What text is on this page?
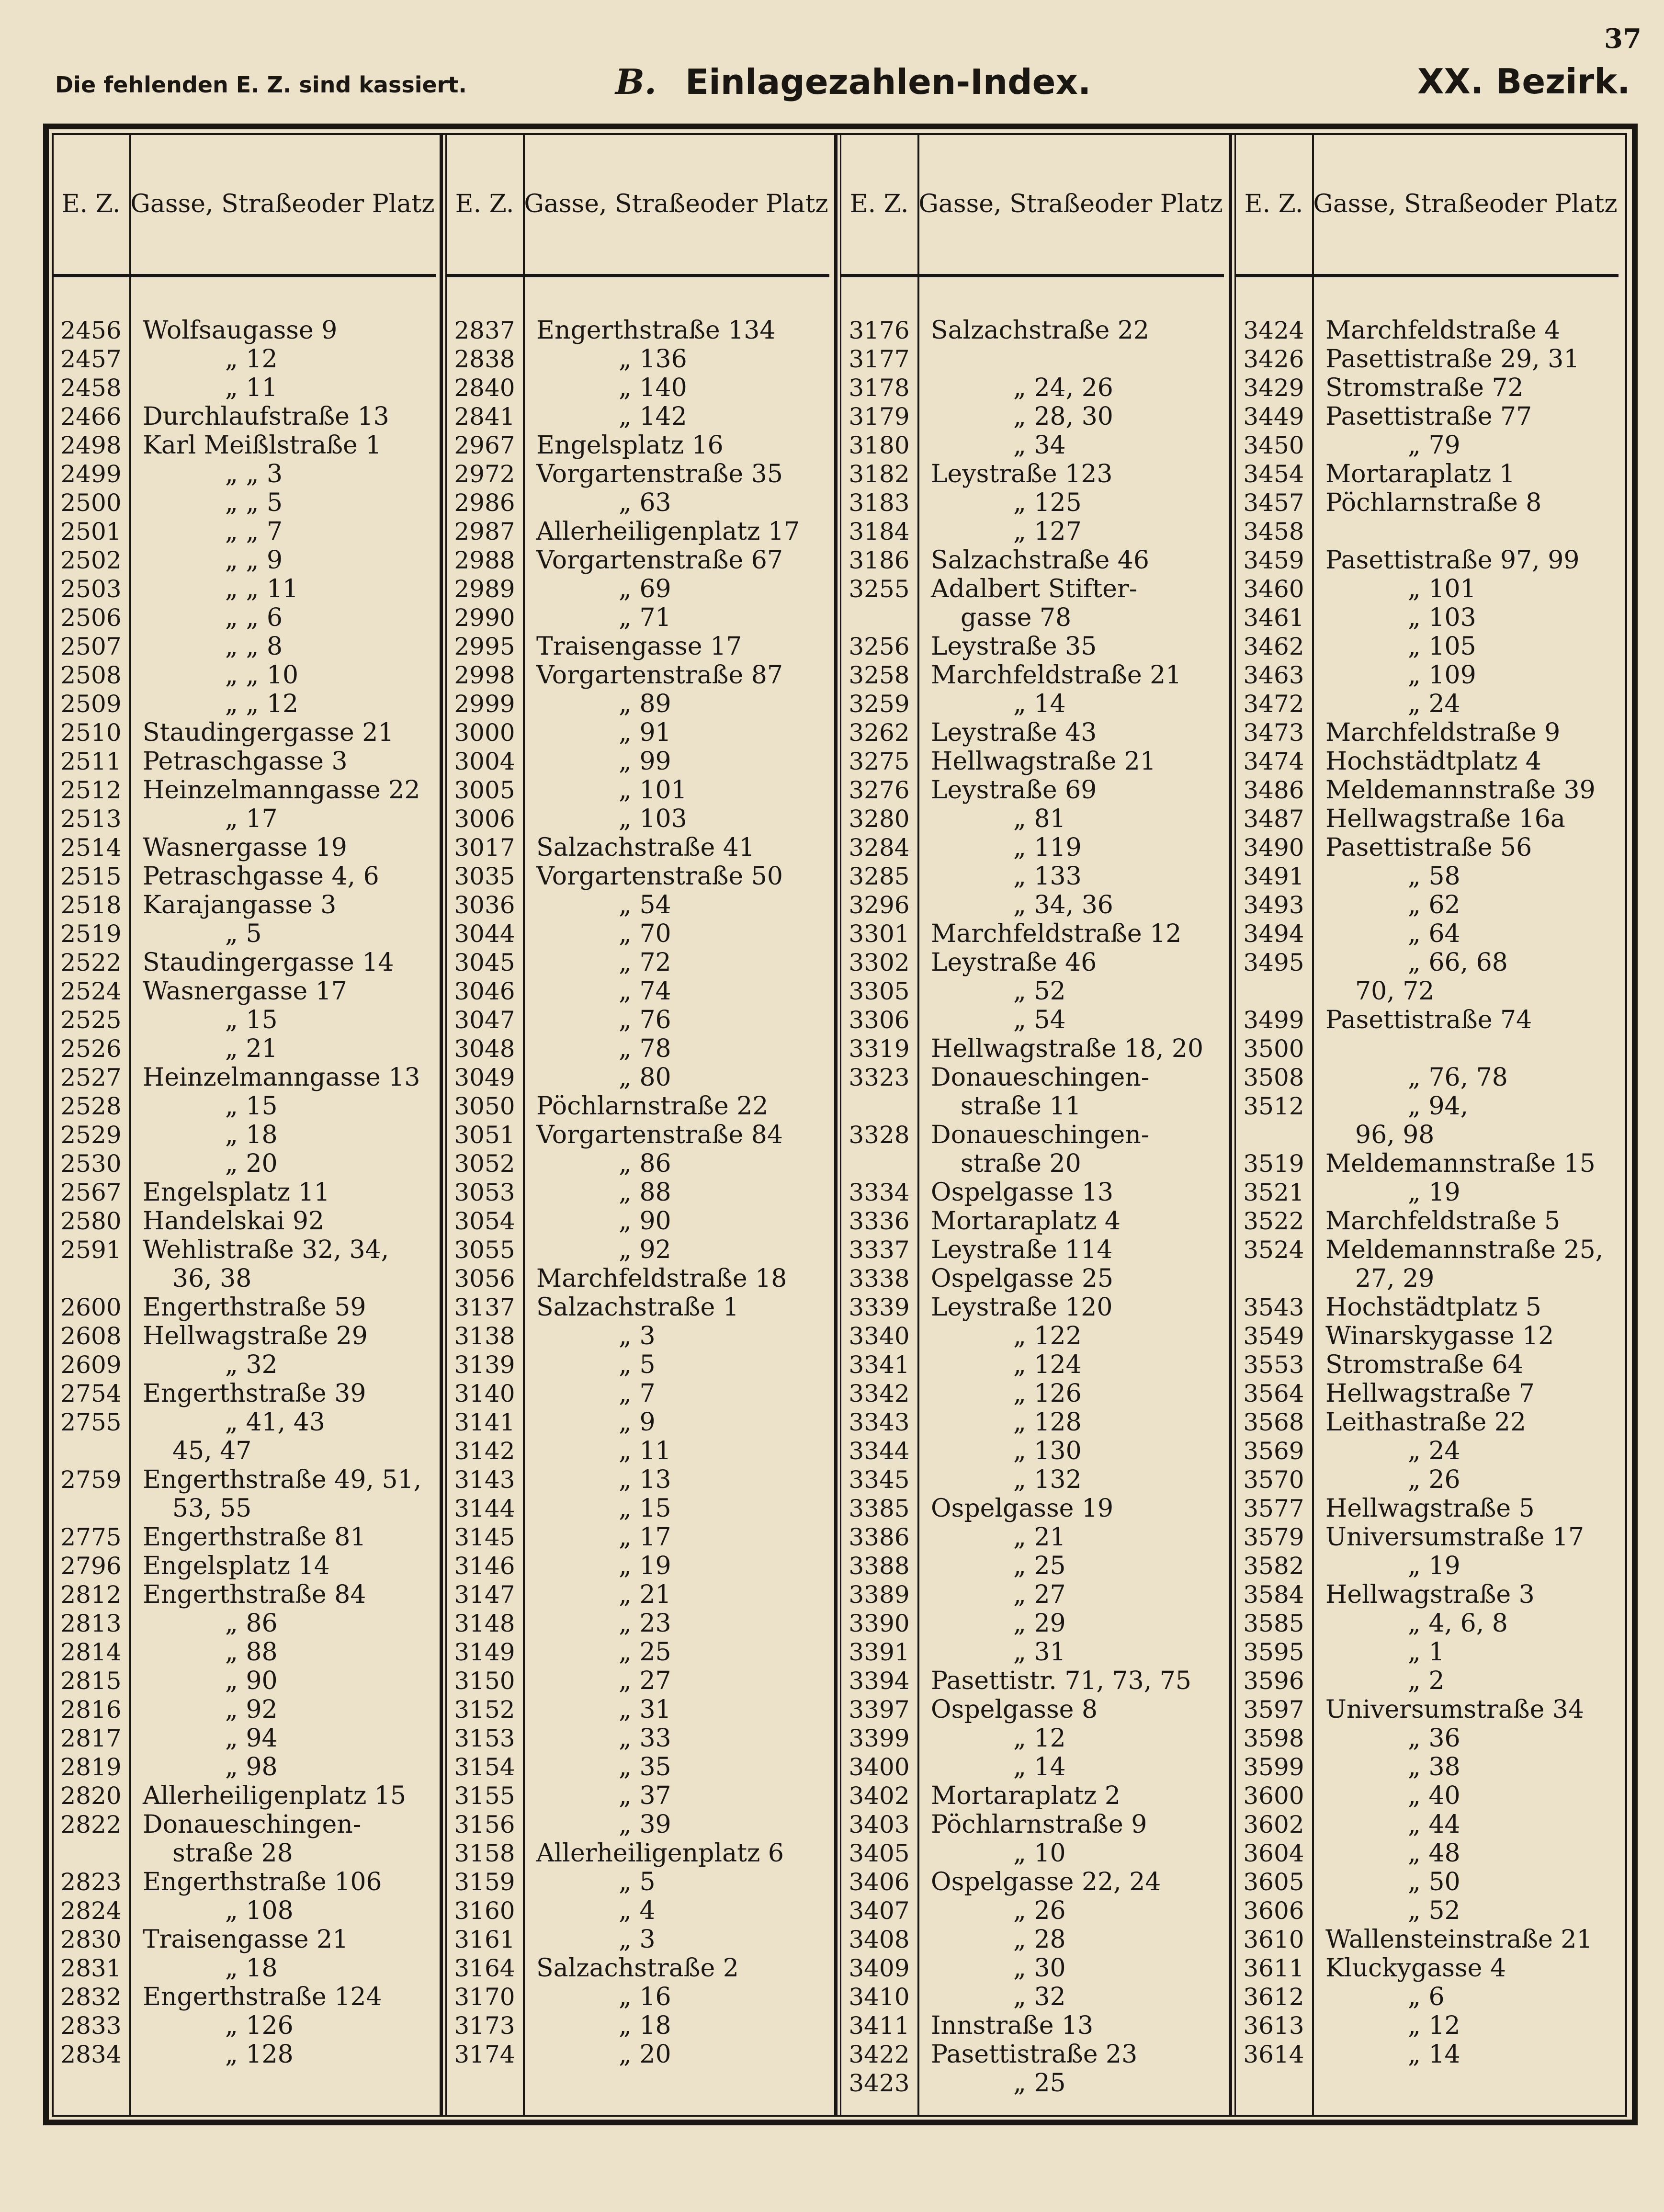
37
Die fehlenden E. Z. sind kassiert.	B. Einlagezahlen-Index.	XX. Bezirk.
E. Z. Gasse, Straße oder Platz
2456 Wolfsaugasse 9
2457	„ 12
2458	„ 11
2466 Durchlaufstraße 13
2498 Karl Meißlstraße 1
2499	„ „ 3
2500	„ „ 5
2501	„ „ 7
2502	„ „ 9
2503	„ „ 11
2506	„ „ 6
2507	„ „ 8
2508	„ „ 10
2509	„ „ 12
2510 Staudingergasse 21
2511 Petraschgasse 3
2512 Heinzelmanngasse 22
2513	„ 17
2514 Wasnergasse 19
2515 Petraschgasse 4, 6
2518 Karajangasse 3
2519	„ 5
2522 Staudingergasse 14
2524 Wasnergasse 17
2525	„ 15
2526	„ 21
2527 Heinzelmanngasse 13
2528	„ 15
2529	„ 18
2530	„ 20
2567 Engelsplatz 11
2580 Handelskai 92
2591 Wehlistraße 32, 34,
36, 38
2600 Engerthstraße 59
2608 Hellwagstraße 29
2609	„ 32
2754 Engerthstraße 39
2755	„ 41, 43
45, 47
2759 Engerthstraße 49, 51,
53, 55
2775 Engerthstraße 81
2796 Engelsplatz 14
2812 Engerthstraße 84
2813	„ 86
2814	„ 88
2815	„ 90
2816	„ 92
2817	„ 94
2819	„ 98
2820 Allerheiligenplatz 15
2822 Donaueschingen-
straße 28
2823 Engerthstraße 106
2824	„ 108
2830 Traisengasse 21
2831	„ 18
2832 Engerthstraße 124
2833	„ 126
2834	„ 128
E. Z. Gasse, Straße oder Platz
2837 Engerthstraße 134
2838	„ 136
2840	„ 140
2841	„ 142
2967 Engelsplatz 16
2972 Vorgartenstraße 35
2986	„ 63
2987 Allerheiligenplatz 17
2988 Vorgartenstraße 67
2989	„ 69
2990	„ 71
2995 Traisengasse 17
2998 Vorgartenstraße 87
2999	„ 89
3000	„ 91
3004	„ 99
3005	„ 101
3006	„ 103
3017 Salzachstraße 41
3035 Vorgartenstraße 50
3036	„ 54
3044	„ 70
3045	„ 72
3046	„ 74
3047	„ 76
3048	„ 78
3049	„ 80
3050 Pöchlarnstraße 22
3051 Vorgartenstraße 84
3052	„ 86
3053	„ 88
3054	„ 90
3055	„ 92
3056 Marchfeldstraße 18
3137 Salzachstraße 1
3138	„ 3
3139	„ 5
3140	„ 7
3141	„ 9
3142	„ 11
3143	„ 13
3144	„ 15
3145	„ 17
3146	„ 19
3147	„ 21
3148	„ 23
3149	„ 25
3150	„ 27
3152	„ 31
3153	„ 33
3154	„ 35
3155	„ 37
3156	„ 39
3158 Allerheiligenplatz 6
3159	„ 5
3160	„ 4
3161	„ 3
3164 Salzachstraße 2
3170	„ 16
3173	„ 18
3174	„ 20
E. Z. Gasse, Straße oder Platz
3176 Salzachstraße 22
3177
3178	„ 24, 26
3179	„ 28, 30
3180	„ 34
3182 Leystraße 123
3183	„ 125
3184	„ 127
3186 Salzachstraße 46
3255 Adalbert Stifter-
gasse 78
3256 Leystraße 35
3258 Marchfeldstraße 21
3259	„ 14
3262 Leystraße 43
3275 Hellwagstraße 21
3276 Leystraße 69
3280	„ 81
3284	„ 119
3285	„ 133
3296	„ 34, 36
3301 Marchfeldstraße 12
3302 Leystraße 46
3305	„ 52
3306	„ 54
3319 Hellwagstraße 18, 20
3323 Donaueschingen-
straße 11
3328 Donaueschingen-
straße 20
3334 Ospelgasse 13
3336 Mortaraplatz 4
3337 Leystraße 114
3338 Ospelgasse 25
3339 Leystraße 120
3340	„ 122
3341	„ 124
3342	„ 126
3343	„ 128
3344	„ 130
3345	„ 132
3385 Ospelgasse 19
3386	„ 21
3388	„ 25
3389	„ 27
3390	„ 29
3391	„ 31
3394 Pasettistr. 71, 73, 75
3397 Ospelgasse 8
3399	„ 12
3400	„ 14
3402 Mortaraplatz 2
3403 Pöchlarnstraße 9
3405	„ 10
3406 Ospelgasse 22, 24
3407	„ 26
3408	„ 28
3409	„ 30
3410	„ 32
3411 Innstraße 13
3422 Pasettistraße 23
3423	„ 25
E. Z. Gasse, Straße oder Platz
3424 Marchfeldstraße 4
3426 Pasettistraße 29, 31
3429 Stromstraße 72
3449 Pasettistraße 77
3450	„ 79
3454 Mortaraplatz 1
3457 Pöchlarnstraße 8
3458
3459 Pasettistraße 97, 99
3460	„ 101
3461	„ 103
3462	„ 105
3463	„ 109
3472	„ 24
3473 Marchfeldstraße 9
3474 Hochstädtplatz 4
3486 Meldemannstraße 39
3487 Hellwagstraße 16a
3490 Pasettistraße 56
3491	„ 58
3493	„ 62
3494	„ 64
3495	„ 66, 68
70, 72
3499 Pasettistraße 74
3500
3508	„ 76, 78
3512	„ 94,
96, 98
3519 Meldemannstraße 15
3521	„ 19
3522 Marchfeldstraße 5
3524 Meldemannstraße 25,
27, 29
3543 Hochstädtplatz 5
3549 Winarskygasse 12
3553 Stromstraße 64
3564 Hellwagstraße 7
3568 Leithastraße 22
3569	„ 24
3570	„ 26
3577 Hellwagstraße 5
3579 Universumstraße 17
3582	„ 19
3584 Hellwagstraße 3
3585	„ 4, 6, 8
3595	„ 1
3596	„ 2
3597 Universumstraße 34
3598	„ 36
3599	„ 38
3600	„ 40
3602	„ 44
3604	„ 48
3605	„ 50
3606	„ 52
3610 Wallensteinstraße 21
3611 Kluckygasse 4
3612	„ 6
3613	„ 12
3614	„ 14
